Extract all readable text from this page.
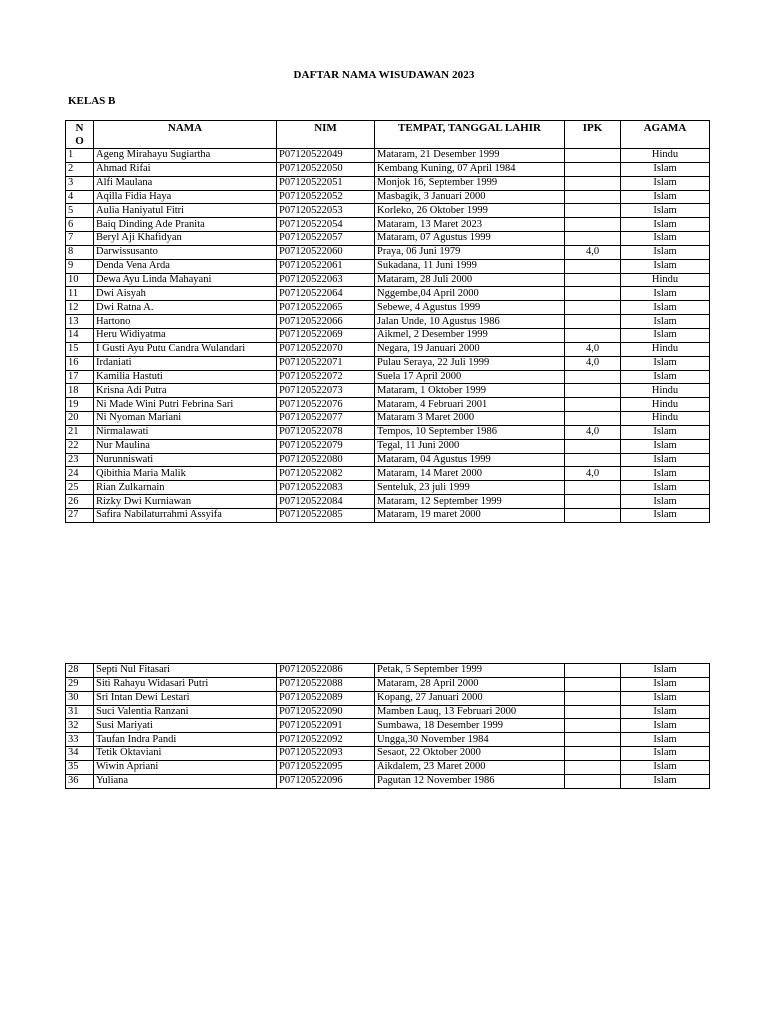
DAFTAR NAMA WISUDAWAN 2023
KELAS B
N
O	NAMA	NIM	TEMPAT, TANGGAL LAHIR	IPK	AGAMA
1	Ageng Mirahayu Sugiartha	P07120522049	Mataram, 21 Desember 1999		Hindu
2	Ahmad Rifai	P07120522050	Kembang Kuning, 07 April 1984		Islam
3	Alfi Maulana	P07120522051	Monjok 16, September 1999		Islam
4	Aqilla Fidia Haya	P07120522052	Masbagik, 3 Januari 2000		Islam
5	Aulia Haniyatul Fitri	P07120522053	Korleko, 26 Oktober 1999		Islam
6	Baiq Dinding Ade Pranita	P07120522054	Mataram, 13 Maret 2023		Islam
7	Beryl Aji Khafidyan	P07120522057	Mataram, 07 Agustus 1999		Islam
8	Darwissusanto	P07120522060	Praya, 06 Juni 1979	4,0	Islam
9	Denda Vena Arda	P07120522061	Sukadana, 11 Juni 1999		Islam
10	Dewa Ayu Linda Mahayani	P07120522063	Mataram, 28 Juli 2000		Hindu
11	Dwi Aisyah	P07120522064	Nggembe,04 April 2000		Islam
12	Dwi Ratna A.	P07120522065	Sebewe, 4 Agustus 1999		Islam
13	Hartono	P07120522066	Jalan Unde, 10 Agustus 1986		Islam
14	Heru Widiyatma	P07120522069	Aikmel, 2 Desember 1999		Islam
15	I Gusti Ayu Putu Candra Wulandari	P07120522070	Negara, 19 Januari 2000	4,0	Hindu
16	Irdaniati	P07120522071	Pulau Seraya, 22 Juli 1999	4,0	Islam
17	Kamilia Hastuti	P07120522072	Suela 17 April 2000		Islam
18	Krisna Adi Putra	P07120522073	Mataram, 1 Oktober 1999		Hindu
19	Ni Made Wini Putri Febrina Sari	P07120522076	Mataram, 4 Februari 2001		Hindu
20	Ni Nyoman Mariani	P07120522077	Mataram 3 Maret 2000		Hindu
21	Nirmalawati	P07120522078	Tempos, 10 September 1986	4,0	Islam
22	Nur Maulina	P07120522079	Tegal, 11 Juni 2000		Islam
23	Nurunniswati	P07120522080	Mataram, 04 Agustus 1999		Islam
24	Qibithia Maria Malik	P07120522082	Mataram, 14 Maret 2000	4,0	Islam
25	Rian Zulkarnain	P07120522083	Senteluk, 23 juli 1999		Islam
26	Rizky Dwi Kurniawan	P07120522084	Mataram, 12 September 1999		Islam
27	Safira Nabilaturrahmi Assyifa	P07120522085	Mataram, 19 maret 2000		Islam
28	Septi Nul Fitasari	P07120522086	Petak, 5 September 1999		Islam
29	Siti Rahayu Widasari Putri	P07120522088	Mataram, 28 April 2000		Islam
30	Sri Intan Dewi Lestari	P07120522089	Kopang, 27 Januari 2000		Islam
31	Suci Valentia Ranzani	P07120522090	Mamben Lauq, 13 Februari 2000		Islam
32	Susi Mariyati	P07120522091	Sumbawa, 18 Desember 1999		Islam
33	Taufan Indra Pandi	P07120522092	Ungga,30 November 1984		Islam
34	Tetik Oktaviani	P07120522093	Sesaot, 22 Oktober 2000		Islam
35	Wiwin Apriani	P07120522095	Aikdalem, 23 Maret 2000		Islam
36	Yuliana	P07120522096	Pagutan 12 November 1986		Islam
